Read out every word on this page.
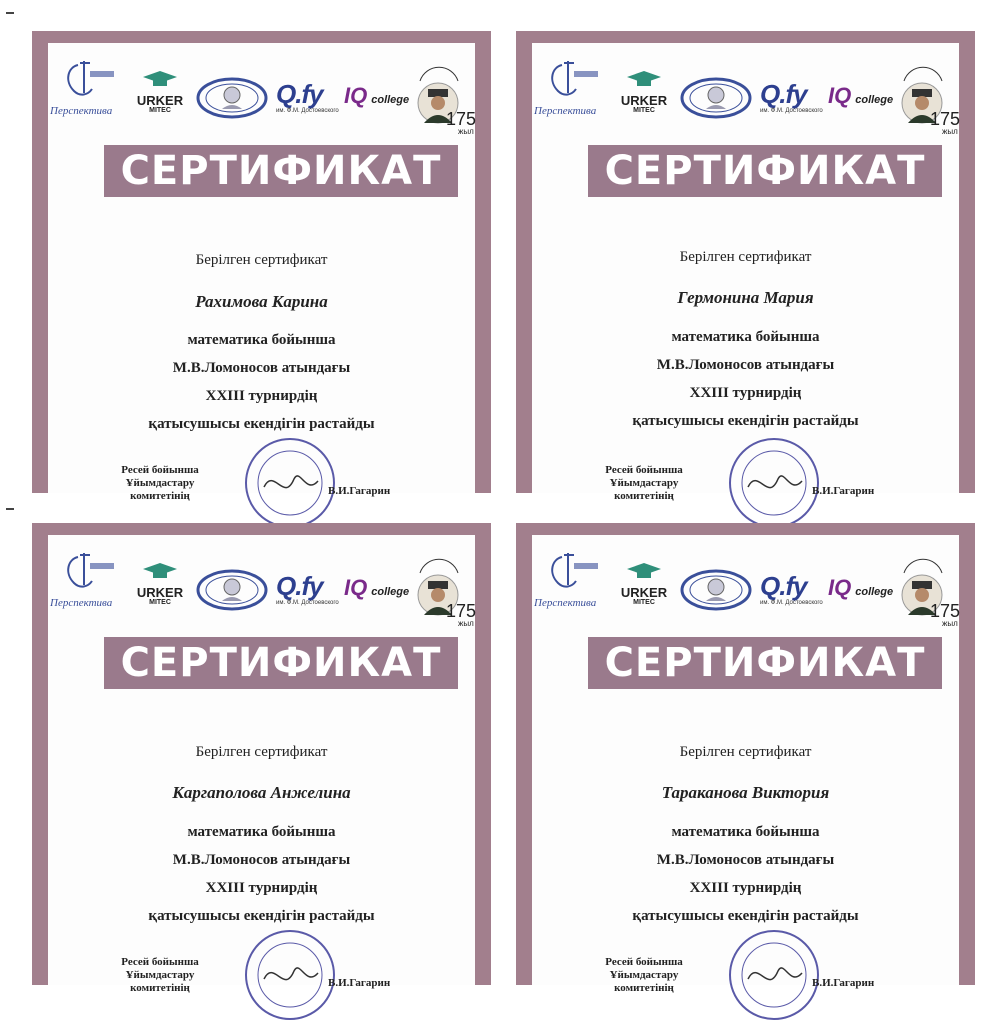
Перспектива
URKER
MITEC
Q.fy
им. Ф.М. Достоевского
IQ college
175
жыл
СЕРТИФИКАТ
Берілген сертификат
Рахимова Карина
математика бойынша
М.В.Ломоносов атындағы
XXIII турнирдің
қатысушысы екендігін растайды
Ресей бойынша
Ұйымдастару комитетінің	В.И.Гагарин
Перспектива
URKER
MITEC
Q.fy
им. Ф.М. Достоевского
IQ college
175
жыл
СЕРТИФИКАТ
Берілген сертификат
Гермонина Мария
математика бойынша
М.В.Ломоносов атындағы
XXIII турнирдің
қатысушысы екендігін растайды
Ресей бойынша
Ұйымдастару комитетінің	В.И.Гагарин
Перспектива
URKER
MITEC
Q.fy
им. Ф.М. Достоевского
IQ college
175
жыл
СЕРТИФИКАТ
Берілген сертификат
Каргаполова Анжелина
математика бойынша
М.В.Ломоносов атындағы
XXIII турнирдің
қатысушысы екендігін растайды
Ресей бойынша
Ұйымдастару комитетінің	В.И.Гагарин
Перспектива
URKER
MITEC
Q.fy
им. Ф.М. Достоевского
IQ college
175
жыл
СЕРТИФИКАТ
Берілген сертификат
Тараканова Виктория
математика бойынша
М.В.Ломоносов атындағы
XXIII турнирдің
қатысушысы екендігін растайды
Ресей бойынша
Ұйымдастару комитетінің	В.И.Гагарин
